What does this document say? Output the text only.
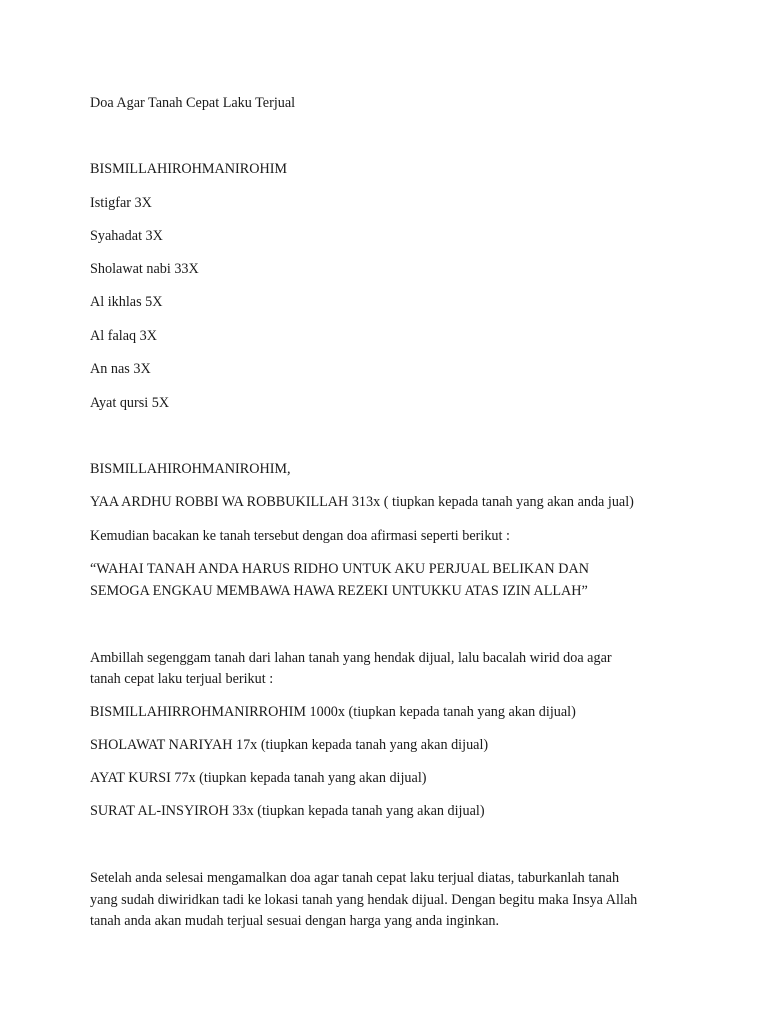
Doa Agar Tanah Cepat Laku Terjual

BISMILLAHIROHMANIROHIM

Istigfar 3X

Syahadat 3X

Sholawat nabi 33X

Al ikhlas 5X

Al falaq 3X

An nas 3X

Ayat qursi 5X

BISMILLAHIROHMANIROHIM,

YAA ARDHU ROBBI WA ROBBUKILLAH 313x ( tiupkan kepada tanah yang akan anda jual)

Kemudian bacakan ke tanah tersebut dengan doa afirmasi seperti berikut :

“WAHAI TANAH ANDA HARUS RIDHO UNTUK AKU PERJUAL BELIKAN DAN

SEMOGA ENGKAU MEMBAWA HAWA REZEKI UNTUKKU ATAS IZIN ALLAH”

Ambillah segenggam tanah dari lahan tanah yang hendak dijual, lalu bacalah wirid doa agar

tanah cepat laku terjual berikut :

BISMILLAHIRROHMANIRROHIM 1000x (tiupkan kepada tanah yang akan dijual)

SHOLAWAT NARIYAH 17x (tiupkan kepada tanah yang akan dijual)

AYAT KURSI 77x (tiupkan kepada tanah yang akan dijual)

SURAT AL-INSYIROH 33x (tiupkan kepada tanah yang akan dijual)

Setelah anda selesai mengamalkan doa agar tanah cepat laku terjual diatas, taburkanlah tanah

yang sudah diwiridkan tadi ke lokasi tanah yang hendak dijual. Dengan begitu maka Insya Allah

tanah anda akan mudah terjual sesuai dengan harga yang anda inginkan.
